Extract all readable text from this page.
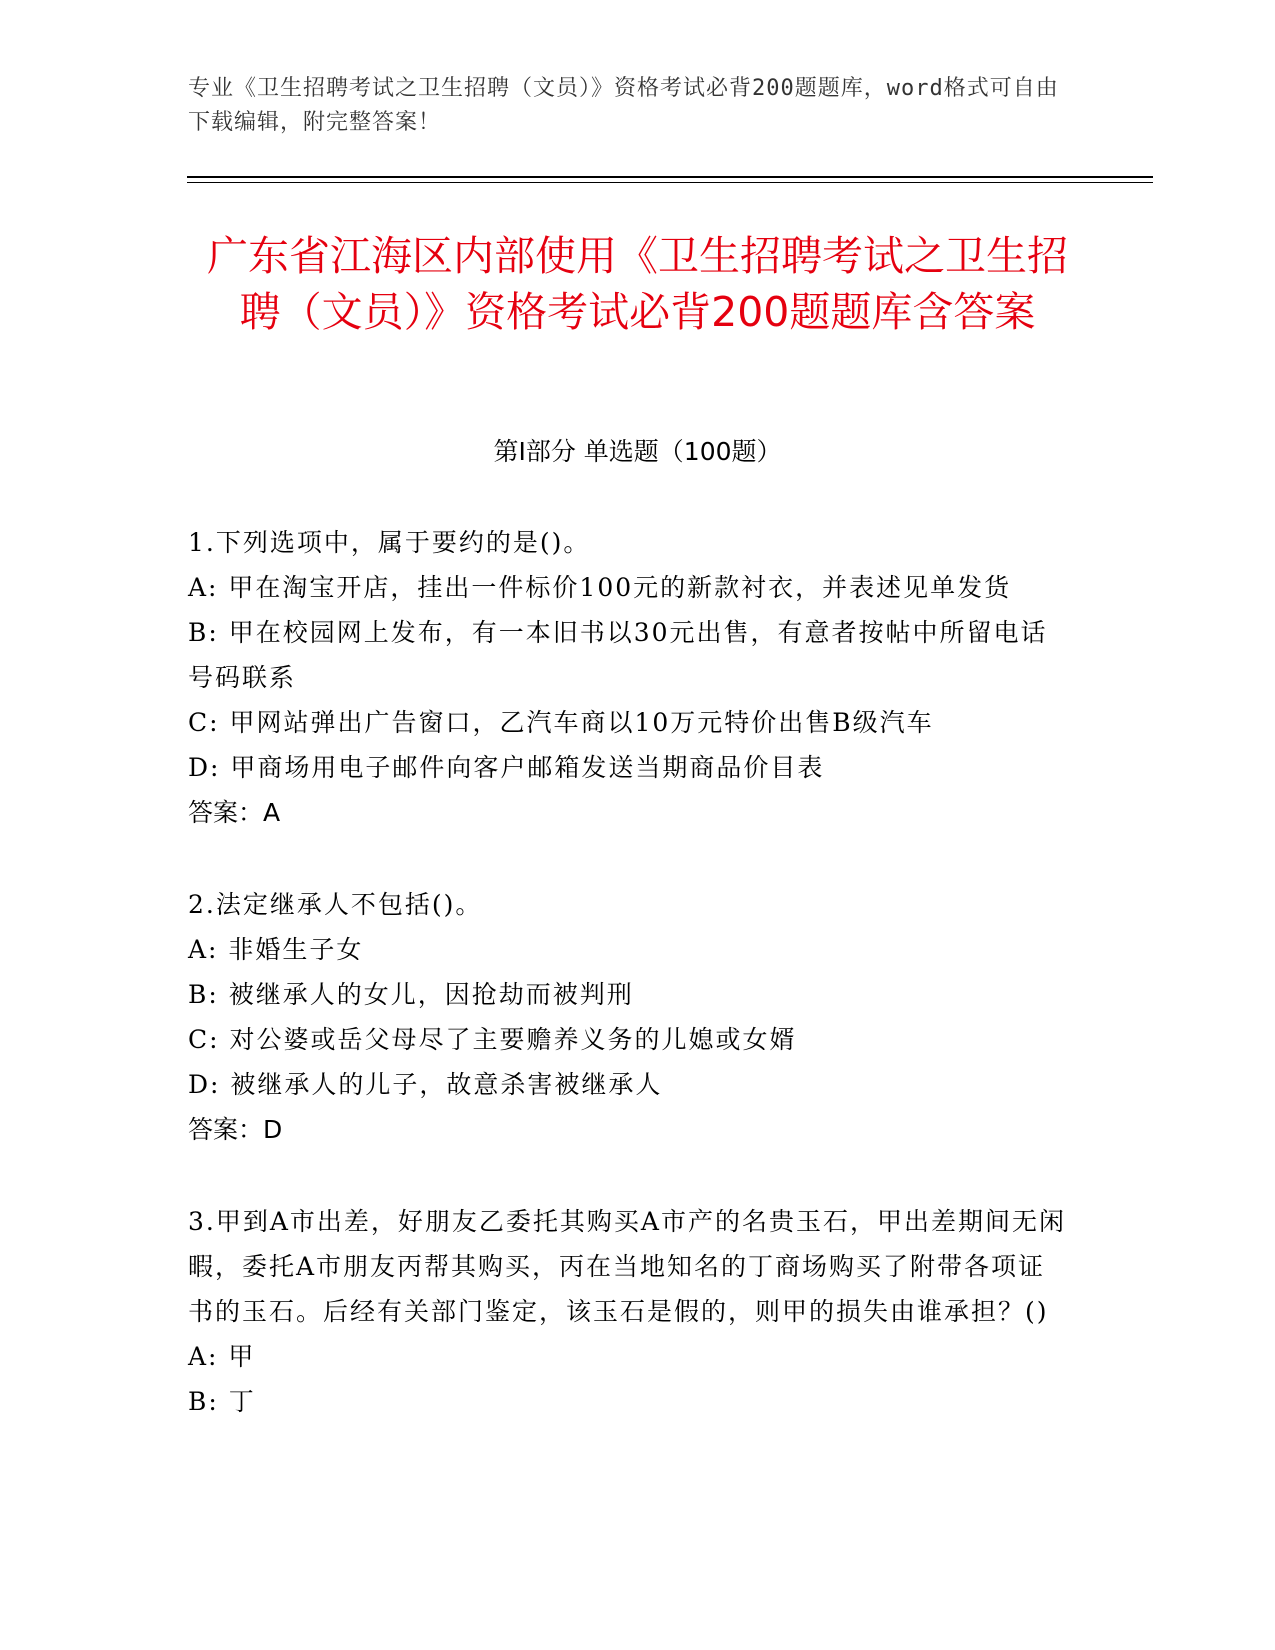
专业《卫生招聘考试之卫生招聘（文员）》资格考试必背200题题库，word格式可自由下载编辑，附完整答案！

广东省江海区内部使用《卫生招聘考试之卫生招聘（文员）》资格考试必背200题题库含答案
第Ⅰ部分 单选题（100题）

1.下列选项中，属于要约的是()。

A: 甲在淘宝开店，挂出一件标价100元的新款衬衣，并表述见单发货

B: 甲在校园网上发布，有一本旧书以30元出售，有意者按帖中所留电话号码联系

C: 甲网站弹出广告窗口，乙汽车商以10万元特价出售B级汽车

D: 甲商场用电子邮件向客户邮箱发送当期商品价目表

答案：A

2.法定继承人不包括()。

A: 非婚生子女

B: 被继承人的女儿，因抢劫而被判刑

C: 对公婆或岳父母尽了主要赡养义务的儿媳或女婿

D: 被继承人的儿子，故意杀害被继承人

答案：D

3.甲到A市出差，好朋友乙委托其购买A市产的名贵玉石，甲出差期间无闲暇，委托A市朋友丙帮其购买，丙在当地知名的丁商场购买了附带各项证书的玉石。后经有关部门鉴定，该玉石是假的，则甲的损失由谁承担？()

A: 甲

B: 丁
